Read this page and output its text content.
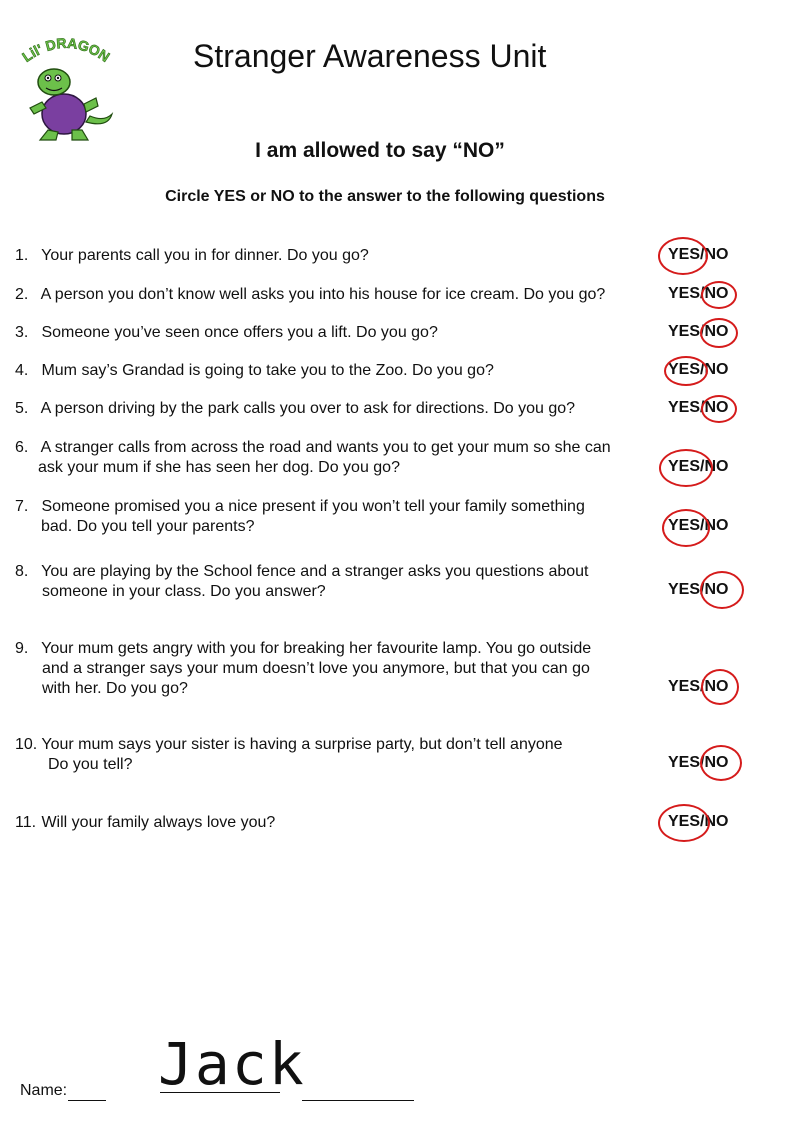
Lil' DRAGON	Stranger Awareness Unit
I am allowed to say “NO”
Circle YES or NO to the answer to the following questions
1. Your parents call you in for dinner. Do you go?
2. A person you don’t know well asks you into his house for ice cream. Do you go?
3. Someone you’ve seen once offers you a lift. Do you go?
4. Mum say’s Grandad is going to take you to the Zoo. Do you go?
5. A person driving by the park calls you over to ask for directions. Do you go?
6. A stranger calls from across the road and wants you to get your mum so she can
ask your mum if she has seen her dog. Do you go?
7. Someone promised you a nice present if you won’t tell your family something
bad. Do you tell your parents?
8. You are playing by the School fence and a stranger asks you questions about
someone in your class. Do you answer?
9. Your mum gets angry with you for breaking her favourite lamp. You go outside
and a stranger says your mum doesn’t love you anymore, but that you can go
with her. Do you go?
10. Your mum says your sister is having a surprise party, but don’t tell anyone
Do you tell?
11. Will your family always love you?
YES/NO
YES/NO
YES/NO
YES/NO
YES/NO
YES/NO
YES/NO
YES/NO
YES/NO
YES/NO
YES/NO
Name: Jack
